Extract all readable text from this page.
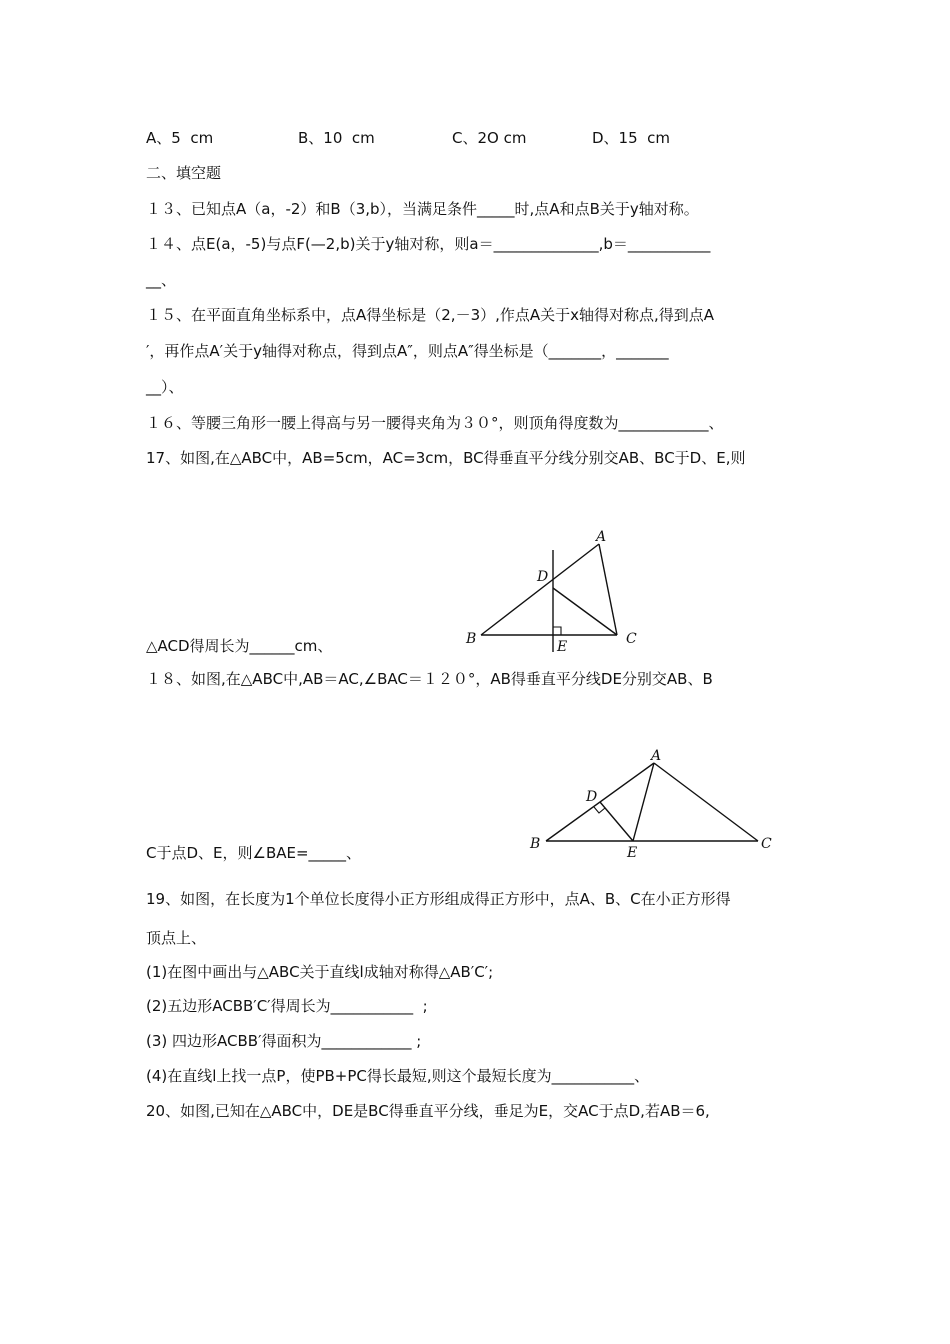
A、5  cm	B、10  cm	C、2O cm	D、15  cm
二、填空题
１３、已知点A（a，-2）和B（3,b），当满足条件_____时,点A和点B关于y轴对称。
１４、点E(a，-5)与点F(—2,b)关于y轴对称，则a＝______________,b＝___________
__、
１５、在平面直角坐标系中，点A得坐标是（2,－3）,作点A关于x轴得对称点,得到点A
′，再作点A′关于y轴得对称点，得到点A″，则点A″得坐标是（_______，_______
__）、
１６、等腰三角形一腰上得高与另一腰得夹角为３０°，则顶角得度数为____________、
17、如图,在△ABC中，AB=5cm，AC=3cm，BC得垂直平分线分别交AB、BC于D、E,则
A
D
B	C
E
△ACD得周长为______cm、
１８、如图,在△ABC中,AB＝AC,∠BAC＝１２０°，AB得垂直平分线DE分别交AB、B
A
D
B
E
C
C于点D、E，则∠BAE=_____、
19、如图，在长度为1个单位长度得小正方形组成得正方形中，点A、B、C在小正方形得
顶点上、
(1)在图中画出与△ABC关于直线l成轴对称得△AB′C′;
(2)五边形ACBB′C′得周长为___________  ;
(3) 四边形ACBB′得面积为____________ ;
(4)在直线l上找一点P，使PB+PC得长最短,则这个最短长度为___________、
20、如图,已知在△ABC中，DE是BC得垂直平分线，垂足为E，交AC于点D,若AB＝6,
